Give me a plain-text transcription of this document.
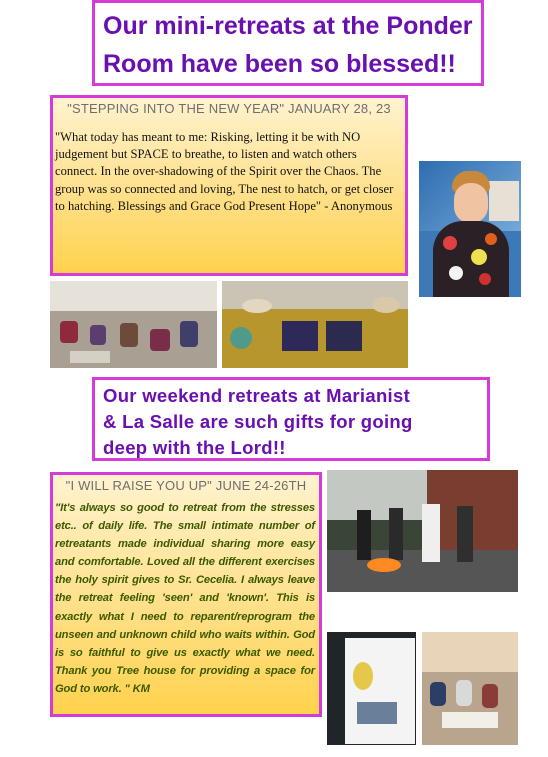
Our mini-retreats at the Ponder
Room have been so blessed!!
"STEPPING INTO THE NEW YEAR" JANUARY 28, 23
"What today has meant to me: Risking, letting it be with NO judgement but SPACE to breathe, to listen and watch others connect. In the over-shadowing of the Spirit over the Chaos. The group was so connected and loving, The nest to hatch, or get closer to hatching. Blessings and Grace God Present Hope" - Anonymous
Our weekend retreats at Marianist
& La Salle are such gifts for going
deep with the Lord!!
"I WILL RAISE YOU UP" JUNE 24-26TH
"It's always so good to retreat from the stresses etc.. of daily life. The small intimate number of retreatants made individual sharing more easy and comfortable. Loved all the different exercises the holy spirit gives to Sr. Cecelia. I always leave the retreat feeling 'seen' and 'known'. This is exactly what I need to reparent/reprogram the unseen and unknown child who waits within. God is so faithful to give us exactly what we need. Thank you Tree house for providing a space for God to work. " KM
